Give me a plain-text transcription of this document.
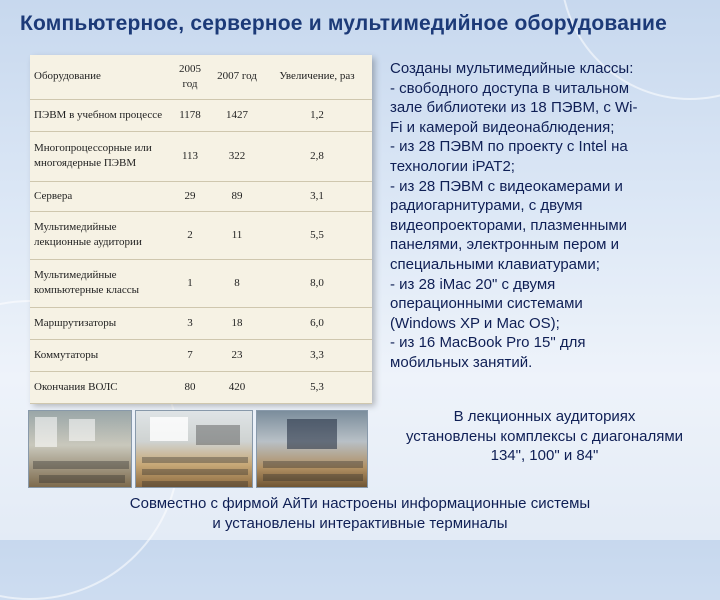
Компьютерное, серверное и мультимедийное оборудование
Оборудование	2005 год	2007 год	Увеличение, раз
ПЭВМ в учебном процессе	1178	1427	1,2
Многопроцессорные или многоядерные ПЭВМ	113	322	2,8
Сервера	29	89	3,1
Мультимедийные лекционные аудитории	2	11	5,5
Мультимедийные компьютерные классы	1	8	8,0
Маршрутизаторы	3	18	6,0
Коммутаторы	7	23	3,3
Окончания ВОЛС	80	420	5,3
Созданы мультимедийные классы:
- свободного доступа в читальном
зале библиотеки из 18 ПЭВМ, с Wi-
Fi и камерой видеонаблюдения;
- из 28 ПЭВМ по проекту с Intel на
технологии iPAT2;
- из 28 ПЭВМ с видеокамерами и
радиогарнитурами, с двумя
видеопроекторами, плазменными
панелями, электронным пером и
специальными клавиатурами;
- из 28 iMac 20" с двумя
операционными системами
(Windows XP и Mac OS);
- из 16 MacBook Pro 15" для
мобильных занятий.
В лекционных аудиториях
установлены комплексы с диагоналями
134", 100" и 84"
Совместно с фирмой АйТи настроены информационные системы
и установлены интерактивные терминалы
